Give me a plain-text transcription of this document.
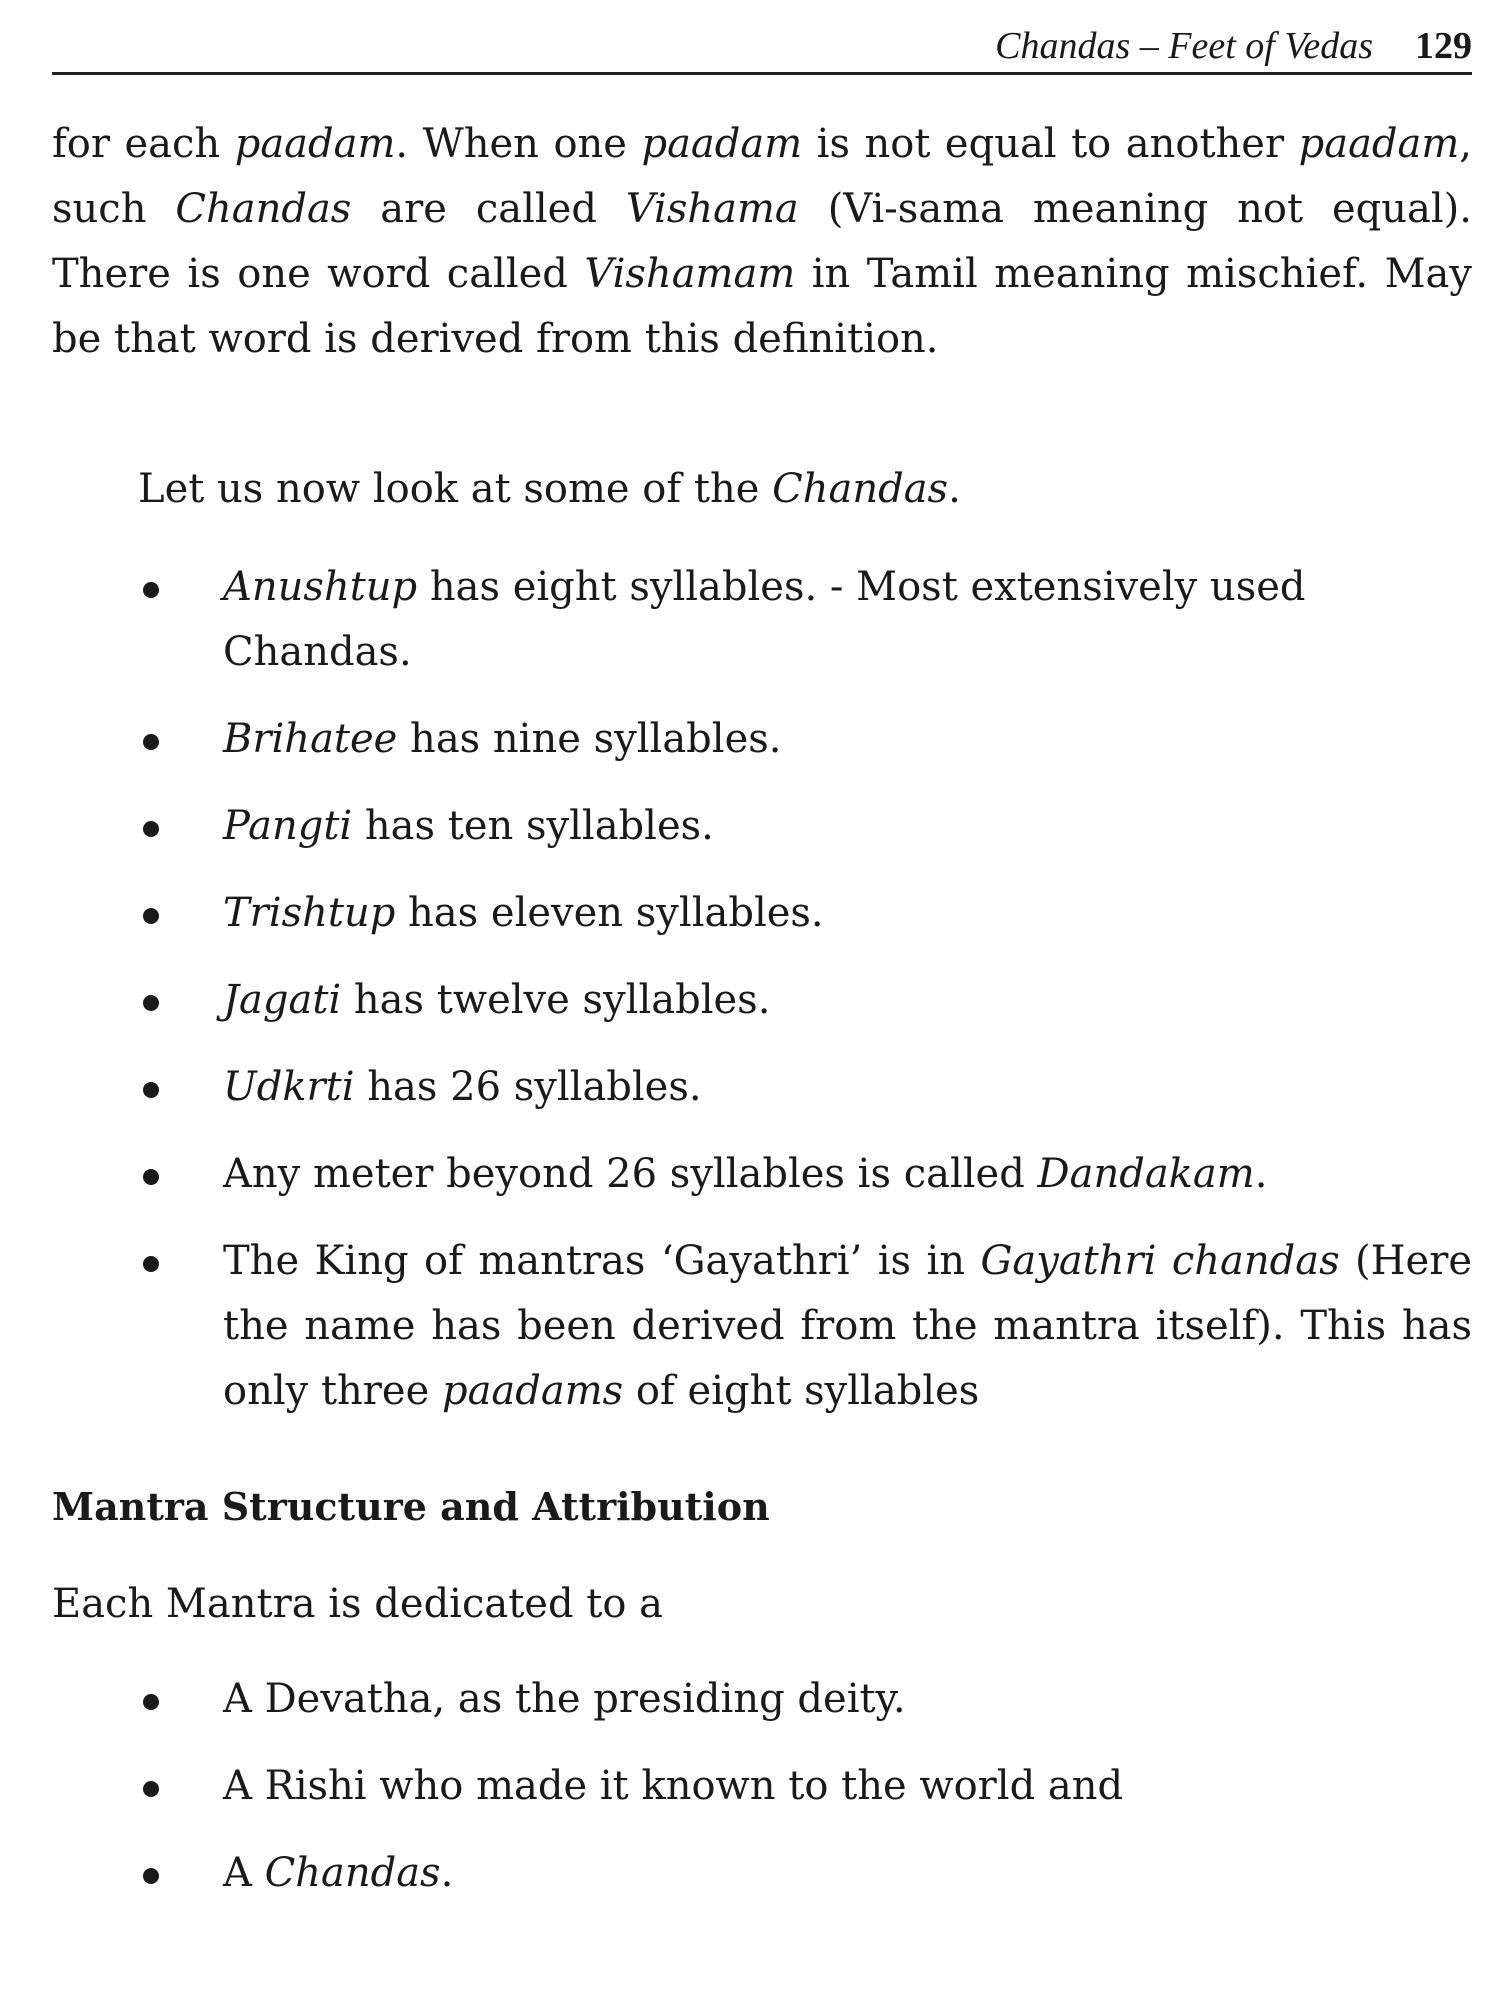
Chandas – Feet of Vedas 129

for each paadam. When one paadam is not equal to another paadam, such Chandas are called Vishama (Vi-sama meaning not equal). There is one word called Vishamam in Tamil meaning mischief. May be that word is derived from this definition.

Let us now look at some of the Chandas.

Anushtup has eight syllables. - Most extensively used Chandas.
Brihatee has nine syllables.
Pangti has ten syllables.
Trishtup has eleven syllables.
Jagati has twelve syllables.
Udkrti has 26 syllables.
Any meter beyond 26 syllables is called Dandakam.
The King of mantras ‘Gayathri’ is in Gayathri chandas (Here the name has been derived from the mantra itself). This has only three paadams of eight syllables
Mantra Structure and Attribution

Each Mantra is dedicated to a

A Devatha, as the presiding deity.
A Rishi who made it known to the world and
A Chandas.
